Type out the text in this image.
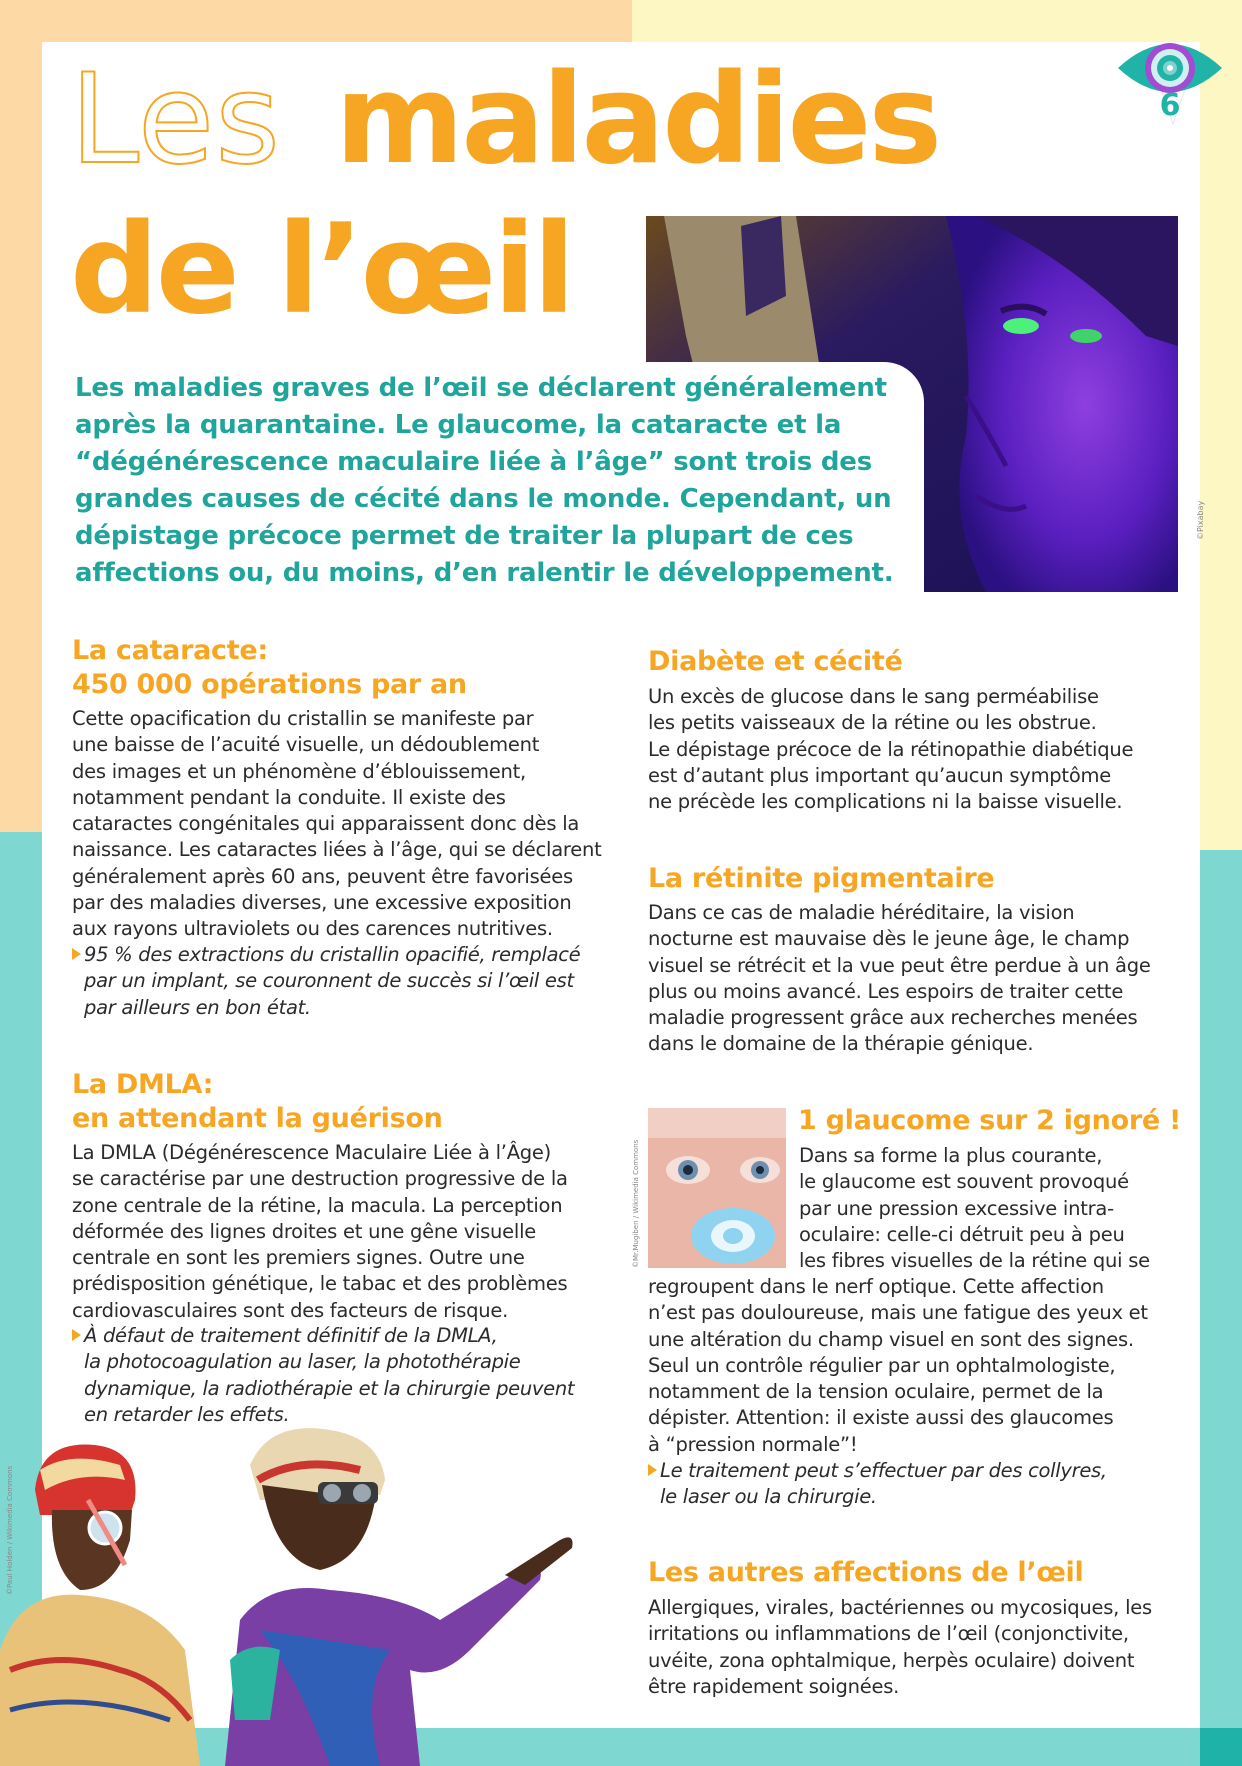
Les maladies
de l’œil
6
©Pixabay

Les maladies graves de l’œil se déclarent généralement après la quarantaine. Le glaucome, la cataracte et la “dégénérescence maculaire liée à l’âge” sont trois des grandes causes de cécité dans le monde. Cependant, un dépistage précoce permet de traiter la plupart de ces affections ou, du moins, d’en ralentir le développement.

La cataracte:
450 000 opérations par an

Cette opacification du cristallin se manifeste par
une baisse de l’acuité visuelle, un dédoublement
des images et un phénomène d’éblouissement,
notamment pendant la conduite. Il existe des
cataractes congénitales qui apparaissent donc dès la
naissance. Les cataractes liées à l’âge, qui se déclarent
généralement après 60 ans, peuvent être favorisées
par des maladies diverses, une excessive exposition
aux rayons ultraviolets ou des carences nutritives.

95 % des extractions du cristallin opacifié, remplacé
par un implant, se couronnent de succès si l’œil est
par ailleurs en bon état.

La DMLA:
en attendant la guérison

La DMLA (Dégénérescence Maculaire Liée à l’Âge)
se caractérise par une destruction progressive de la
zone centrale de la rétine, la macula. La perception
déformée des lignes droites et une gêne visuelle
centrale en sont les premiers signes. Outre une
prédisposition génétique, le tabac et des problèmes
cardiovasculaires sont des facteurs de risque.

À défaut de traitement définitif de la DMLA,
la photocoagulation au laser, la photothérapie
dynamique, la radiothérapie et la chirurgie peuvent
en retarder les effets.

Diabète et cécité

Un excès de glucose dans le sang perméabilise
les petits vaisseaux de la rétine ou les obstrue.
Le dépistage précoce de la rétinopathie diabétique
est d’autant plus important qu’aucun symptôme
ne précède les complications ni la baisse visuelle.

La rétinite pigmentaire

Dans ce cas de maladie héréditaire, la vision
nocturne est mauvaise dès le jeune âge, le champ
visuel se rétrécit et la vue peut être perdue à un âge
plus ou moins avancé. Les espoirs de traiter cette
maladie progressent grâce aux recherches menées
dans le domaine de la thérapie génique.

©Mr.Mugiben / Wikimedia Commons
1 glaucome sur 2 ignoré !

Dans sa forme la plus courante,
le glaucome est souvent provoqué
par une pression excessive intra-
oculaire: celle-ci détruit peu à peu
les fibres visuelles de la rétine qui se

regroupent dans le nerf optique. Cette affection
n’est pas douloureuse, mais une fatigue des yeux et
une altération du champ visuel en sont des signes.
Seul un contrôle régulier par un ophtalmologiste,
notamment de la tension oculaire, permet de la
dépister. Attention: il existe aussi des glaucomes
à “pression normale”!

Le traitement peut s’effectuer par des collyres,
le laser ou la chirurgie.

Les autres affections de l’œil

Allergiques, virales, bactériennes ou mycosiques, les
irritations ou inflammations de l’œil (conjonctivite,
uvéite, zona ophtalmique, herpès oculaire) doivent
être rapidement soignées.

©Paul Holden / Wikimedia Commons
